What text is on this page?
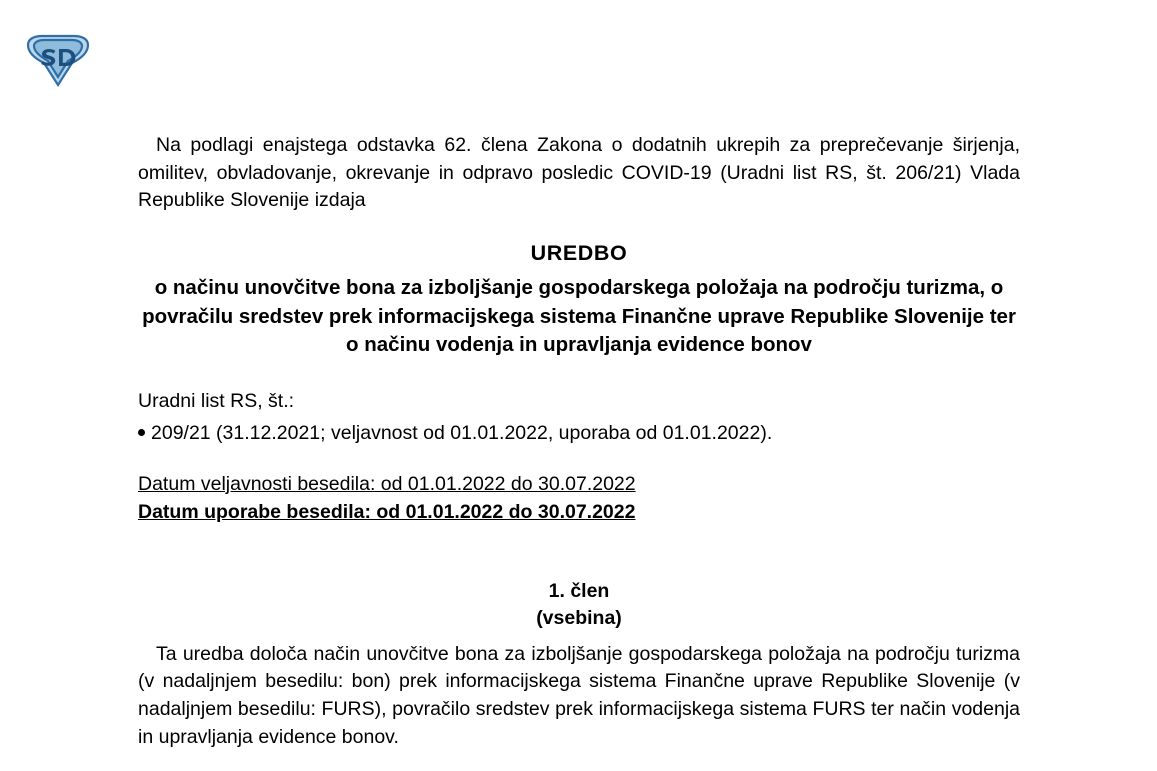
Na podlagi enajstega odstavka 62. člena Zakona o dodatnih ukrepih za preprečevanje širjenja, omilitev, obvladovanje, okrevanje in odpravo posledic COVID-19 (Uradni list RS, št. 206/21) Vlada Republike Slovenije izdaja

UREDBO
o načinu unovčitve bona za izboljšanje gospodarskega položaja na področju turizma, o povračilu sredstev prek informacijskega sistema Finančne uprave Republike Slovenije ter o načinu vodenja in upravljanja evidence bonov

Uradni list RS, št.:

209/21 (31.12.2021; veljavnost od 01.01.2022, uporaba od 01.01.2022).
Datum veljavnosti besedila: od 01.01.2022 do 30.07.2022
Datum uporabe besedila: od 01.01.2022 do 30.07.2022
1. člen
(vsebina)

Ta uredba določa način unovčitve bona za izboljšanje gospodarskega položaja na področju turizma (v nadaljnjem besedilu: bon) prek informacijskega sistema Finančne uprave Republike Slovenije (v nadaljnjem besedilu: FURS), povračilo sredstev prek informacijskega sistema FURS ter način vodenja in upravljanja evidence bonov.
